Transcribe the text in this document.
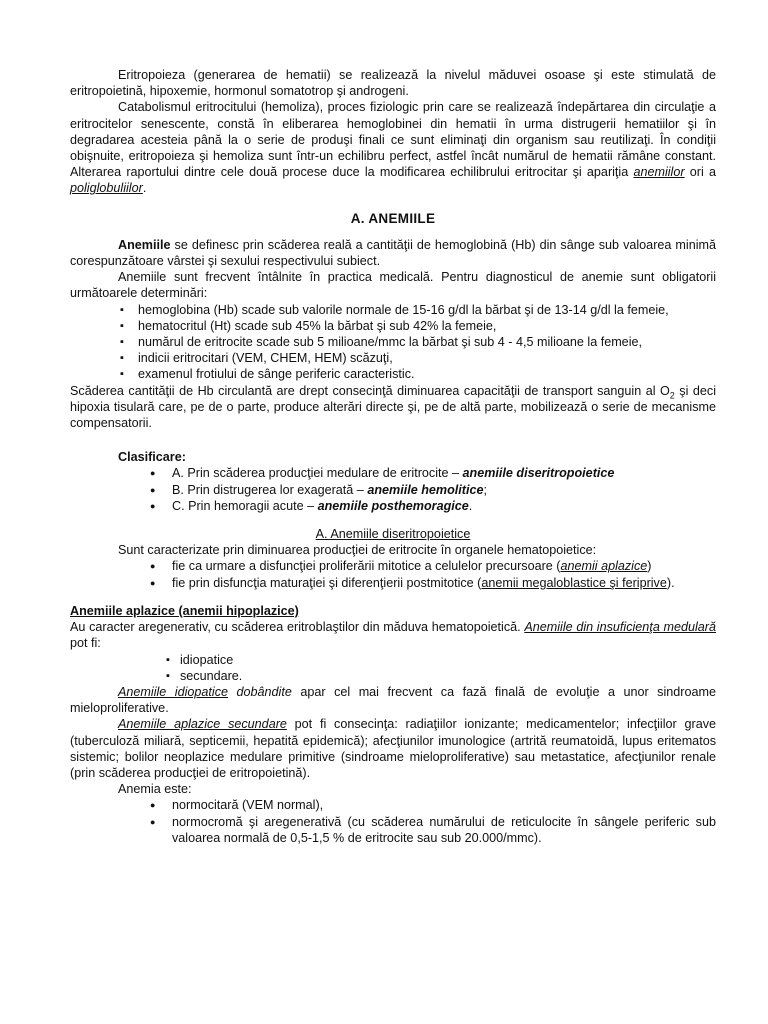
Eritropoieza (generarea de hematii) se realizează la nivelul măduvei osoase şi este stimulată de eritropoietină, hipoxemie, hormonul somatotrop şi androgeni.

Catabolismul eritrocitului (hemoliza), proces fiziologic prin care se realizează îndepărtarea din circulaţie a eritrocitelor senescente, constă în eliberarea hemoglobinei din hematii în urma distrugerii hematiilor şi în degradarea acesteia până la o serie de produşi finali ce sunt eliminaţi din organism sau reutilizaţi. În condiţii obişnuite, eritropoieza şi hemoliza sunt într-un echilibru perfect, astfel încât numărul de hematii rămâne constant. Alterarea raportului dintre cele două procese duce la modificarea echilibrului eritrocitar şi apariţia anemiilor ori a poliglobuliilor.

A. ANEMIILE

Anemiile se definesc prin scăderea reală a cantităţii de hemoglobină (Hb) din sânge sub valoarea minimă corespunzătoare vârstei şi sexului respectivului subiect.

Anemiile sunt frecvent întâlnite în practica medicală. Pentru diagnosticul de anemie sunt obligatorii următoarele determinări:

▪ hemoglobina (Hb) scade sub valorile normale de 15-16 g/dl la bărbat şi de 13-14 g/dl la femeie,
▪ hematocritul (Ht) scade sub 45% la bărbat şi sub 42% la femeie,
▪ numărul de eritrocite scade sub 5 milioane/mmc la bărbat şi sub 4 - 4,5 milioane la femeie,
▪ indicii eritrocitari (VEM, CHEM, HEM) scăzuţi,
▪ examenul frotiului de sânge periferic caracteristic.

Scăderea cantităţii de Hb circulantă are drept consecinţă diminuarea capacităţii de transport sanguin al $O_2$ şi deci hipoxia tisulară care, pe de o parte, produce alterări directe şi, pe de altă parte, mobilizează o serie de mecanisme compensatorii.

Clasificare:

● A. Prin scăderea producţiei medulare de eritrocite – anemiile diseritropoietice
● B. Prin distrugerea lor exagerată – anemiile hemolitice;
● C. Prin hemoragii acute – anemiile posthemoragice.

A. Anemiile diseritropoietice

Sunt caracterizate prin diminuarea producţiei de eritrocite în organele hematopoietice:

● fie ca urmare a disfuncţiei proliferării mitotice a celulelor precursoare (anemii aplazice)
● fie prin disfuncţia maturaţiei şi diferenţierii postmitotice (anemii megaloblastice şi feriprive).

Anemiile aplazice (anemii hipoplazice)

Au caracter aregenerativ, cu scăderea eritroblaştilor din măduva hematopoietică. Anemiile din insuficienţa medulară pot fi:

▪ idiopatice
▪ secundare.

Anemiile idiopatice dobândite apar cel mai frecvent ca fază finală de evoluţie a unor sindroame mieloproliferative.

Anemiile aplazice secundare pot fi consecinţa: radiaţiilor ionizante; medicamentelor; infecţiilor grave (tuberculoză miliară, septicemii, hepatită epidemică); afecţiunilor imunologice (artrită reumatoidă, lupus eritematos sistemic; bolilor neoplazice medulare primitive (sindroame mieloproliferative) sau metastatice, afecţiunilor renale (prin scăderea producţiei de eritropoietină).

Anemia este:

● normocitară (VEM normal),
● normocromă şi aregenerativă (cu scăderea numărului de reticulocite în sângele periferic sub valoarea normală de 0,5-1,5 % de eritrocite sau sub 20.000/mmc).
